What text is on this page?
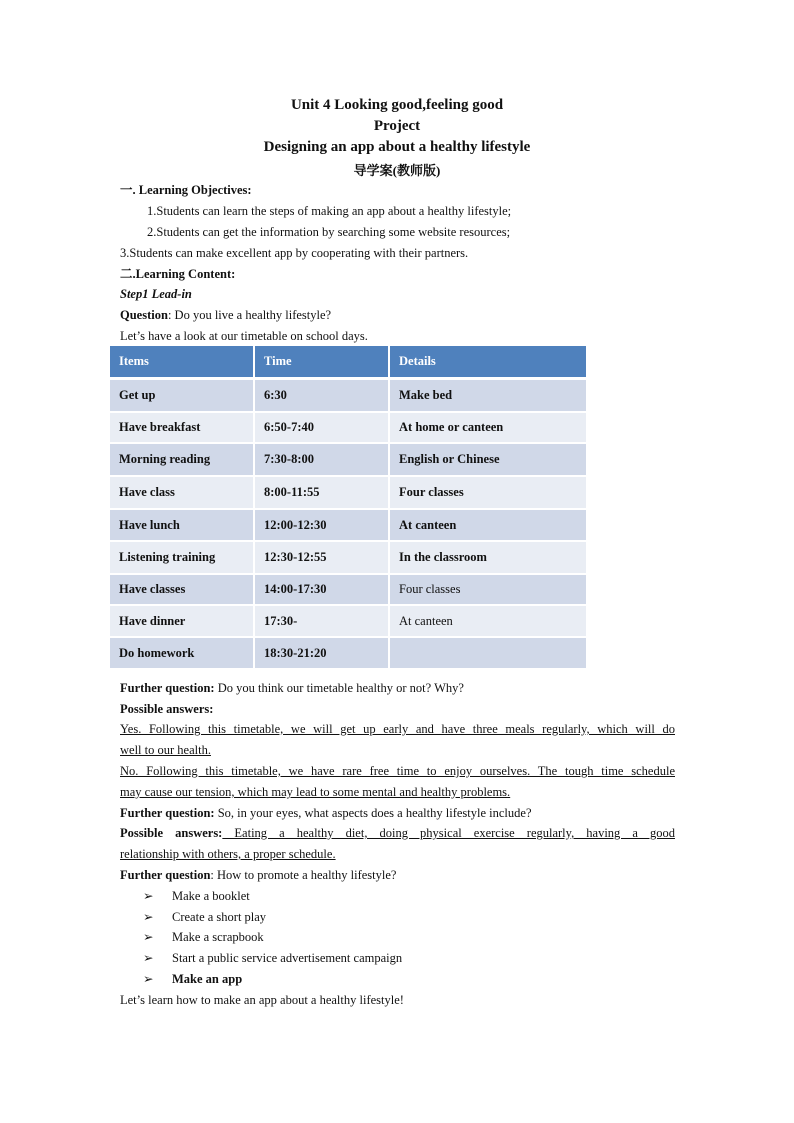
Unit 4 Looking good,feeling good
Project
Designing an app about a healthy lifestyle
导学案(教师版)
一. Learning Objectives:
1.Students can learn the steps of making an app about a healthy lifestyle;
2.Students can get the information by searching some website resources;
3.Students can make excellent app by cooperating with their partners.
二.Learning Content:
Step1 Lead-in
Question: Do you live a healthy lifestyle?
Let’s have a look at our timetable on school days.
Items	Time	Details
Get up	6:30	Make bed
Have breakfast	6:50-7:40	At home or canteen
Morning reading	7:30-8:00	English or Chinese
Have class	8:00-11:55	Four classes
Have lunch	12:00-12:30	At canteen
Listening training	12:30-12:55	In the classroom
Have classes	14:00-17:30	Four classes
Have dinner	17:30-	At canteen
Do homework	18:30-21:20	
Further question: Do you think our timetable healthy or not? Why?
Possible answers:
Yes. Following this timetable, we will get up early and have three meals regularly, which will do
well to our health.
No. Following this timetable, we have rare free time to enjoy ourselves. The tough time schedule
may cause our tension, which may lead to some mental and healthy problems.
Further question: So, in your eyes, what aspects does a healthy lifestyle include?
Possible answers: Eating a healthy diet, doing physical exercise regularly, having a good
relationship with others, a proper schedule.
Further question: How to promote a healthy lifestyle?
➢ Make a booklet
➢ Create a short play
➢ Make a scrapbook
➢ Start a public service advertisement campaign
➢ Make an app
Let’s learn how to make an app about a healthy lifestyle!
